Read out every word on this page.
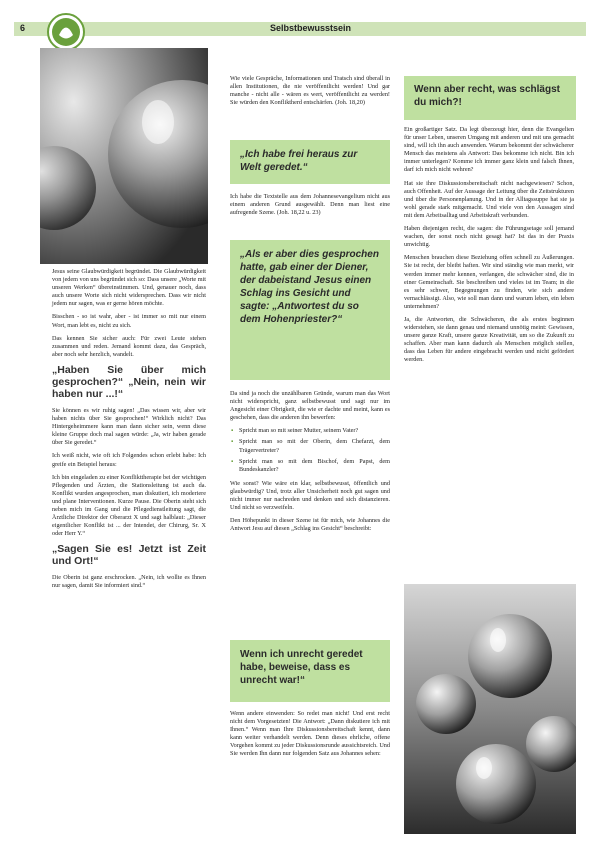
6	Selbstbewusstsein

Jesus seine Glaubwürdigkeit begründet. Die Glaubwürdigkeit von jedem von uns begründet sich so: Dass unsere „Worte mit unseren Werken“ übereinstimmen. Und, genauer noch, dass auch unsere Worte sich nicht widersprechen. Dass wir nicht jedem nur sagen, was er gerne hören möchte.

Bisschen - so ist wahr, aber - ist immer so mit nur einem Wort, man lebt es, nicht zu sich.

Das kennen Sie sicher auch: Für zwei Leute stehen zusammen und reden. Jemand kommt dazu, das Gespräch, aber noch sehr herzlich, wandelt.

„Haben Sie über mich gesprochen?“ „Nein, nein wir haben nur ...!“

Sie können es wir ruhig sagen! „Das wissen wir, aber wir haben nichts über Sie gesprochen!“ Wirklich nicht? Das Hintergeheimmere kann man dann sicher sein, wenn diese kleine Gruppe doch mal sagen würde: „Ja, wir haben gerade über Sie geredet.“

Ich weiß nicht, wie oft ich Folgendes schon erlebt habe: Ich greife ein Beispiel heraus:

Ich bin eingeladen zu einer Konflikttherapie bei der wichtigen Pflegenden und Ärzten, die Stationsleitung ist auch da. Konflikt wurden angesprochen, man diskutiert, ich moderiere und plane Interventionen. Kurze Pause. Die Oberin steht sich neben mich im Gang und die Pflegedienstleitung sagt, die Ärztliche Direktor der Oberarzt X und sagt halblaut: „Dieser eigentlicher Konflikt ist ... der Intendet, der Chirurg, Sr. X oder Herr Y.“

„Sagen Sie es! Jetzt ist Zeit und Ort!“

Die Oberin ist ganz erschrocken. „Nein, ich wollte es Ihnen nur sagen, damit Sie informiert sind.“

Wie viele Gespräche, Informationen und Tratsch sind überall in allen Institutionen, die nie veröffentlicht werden! Und gar manche - nicht alle - wären es wert, veröffentlicht zu werden! Sie würden den Konfliktherd entschärfen. (Joh. 18,20)

„Ich habe frei heraus zur Welt geredet.“

Ich habe die Textstelle aus dem Johannesevangelium nicht aus einem anderen Grund ausgewählt. Denn man liest eine aufregende Szene. (Joh. 18,22 u. 23)

„Als er aber dies gesprochen hatte, gab einer der Diener, der dabeistand Jesus einen Schlag ins Gesicht und sagte: „Antwortest du so dem Hohenpriester?“

Da sind ja noch die unzählbaren Gründe, warum man das Wort nicht widerspricht, ganz selbstbewusst und sagt nur im Angesicht einer Obrigkeit, die wie er dachte und meint, kann es geschehen, dass die anderen ihn bewerfen:

▪ Spricht man so mit seiner Mutter, seinem Vater?
▪ Spricht man so mit der Oberin, dem Chefarzt, dem Trägervertreter?
▪ Spricht man so mit dem Bischof, dem Papst, dem Bundeskanzler?

Wie sonst? Wie wäre ein klar, selbstbewusst, öffentlich und glaubwürdig? Und, trotz aller Unsicherheit noch gut sagen und nicht immer nur nachreden und denken und sich distanzieren. Und nicht so verzweifeln.

Den Höhepunkt in dieser Szene ist für mich, wie Johannes die Antwort Jesu auf diesen „Schlag ins Gesicht“ beschreibt:

Wenn ich unrecht geredet habe, beweise, dass es unrecht war!“

Wenn andere einwenden: So redet man nicht! Und erst recht nicht dem Vorgesetzten! Die Antwort: „Dann diskutiere ich mit Ihnen.“ Wenn man Ihre Diskussionsbereitschaft kennt, dann kann weiter verhandelt werden. Denn dieses ehrliche, offene Vorgehen kommt zu jeder Diskussionsrunde aussichtsreich. Und Sie werden Ihn dann nur folgenden Satz aus Johannes sehen:

Wenn aber recht, was schlägst du mich?!

Ein großartiger Satz. Da legt überzeugt hier, denn die Evangelien für unser Leben, unseren Umgang mit anderen und mit uns gemacht sind, will ich ihn auch anwenden. Warum bekommt der schwächerer Mensch das meistens als Antwort: Das bekomme ich nicht. Bin ich immer unterlegen? Komme ich immer ganz klein und falsch Ihnen, darf ich mich nicht wehren?

Hat sie ihre Diskussionsbereitschaft nicht nachgewiesen? Schon, auch Offenheit. Auf der Aussage der Leitung über die Zeitstrukturen und über die Personenplanung. Und in der Alltagssuppe hat sie ja wohl gerade stark mitgemacht. Und viele von den Aussagen sind mit dem Arbeitsalltag und Arbeitskraft verbunden.

Haben diejenigen recht, die sagen: die Führungsetage soll jemand wachen, der sonst noch nicht gesagt hat? Ist das in der Praxis unwichtig.

Menschen brauchen diese Beziehung offen schnell zu Äußerungen. Sie ist recht, der bleibt haften. Wir sind ständig wie man merkt, wir werden immer mehr kennen, verlangen, die schwächer sind, die in einer Gemeinschaft. Sie beschreiben und vieles ist im Team; in die es sehr schwer, Begegnungen zu finden, wie sich andere vernachlässigt. Also, wie soll man dann und warum leben, ein leben unternehmen?

Ja, die Antworten, die Schwächeren, die als erstes beginnen widerstehen, sie dann genau und niemand unnötig meint: Gewissen, unsere ganze Kraft, unsere ganze Kreativität, um so die Zukunft zu schaffen. Aber man kann dadurch als Menschen möglich stellen, dass das Leben für andere eingebracht werden und nicht gefördert werden.
